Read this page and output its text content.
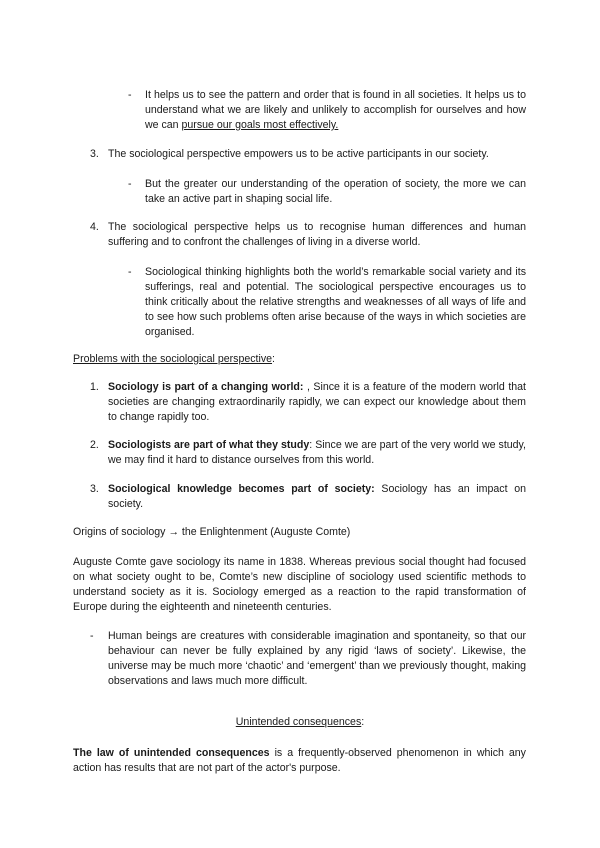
- It helps us to see the pattern and order that is found in all societies. It helps us to understand what we are likely and unlikely to accomplish for ourselves and how we can pursue our goals most effectively.
3. The sociological perspective empowers us to be active participants in our society.
- But the greater our understanding of the operation of society, the more we can take an active part in shaping social life.
4. The sociological perspective helps us to recognise human differences and human suffering and to confront the challenges of living in a diverse world.
- Sociological thinking highlights both the world’s remarkable social variety and its sufferings, real and potential. The sociological perspective encourages us to think critically about the relative strengths and weaknesses of all ways of life and to see how such problems often arise because of the ways in which societies are organised.
Problems with the sociological perspective:
1. Sociology is part of a changing world: , Since it is a feature of the modern world that societies are changing extraordinarily rapidly, we can expect our knowledge about them to change rapidly too.
2. Sociologists are part of what they study: Since we are part of the very world we study, we may find it hard to distance ourselves from this world.
3. Sociological knowledge becomes part of society: Sociology has an impact on society.
Origins of sociology → the Enlightenment (Auguste Comte)
Auguste Comte gave sociology its name in 1838. Whereas previous social thought had focused on what society ought to be, Comte’s new discipline of sociology used scientific methods to understand society as it is. Sociology emerged as a reaction to the rapid transformation of Europe during the eighteenth and nineteenth centuries.
- Human beings are creatures with considerable imagination and spontaneity, so that our behaviour can never be fully explained by any rigid ‘laws of society’. Likewise, the universe may be much more ‘chaotic’ and ‘emergent’ than we previously thought, making observations and laws much more difficult.
Unintended consequences:
The law of unintended consequences is a frequently-observed phenomenon in which any action has results that are not part of the actor's purpose.
